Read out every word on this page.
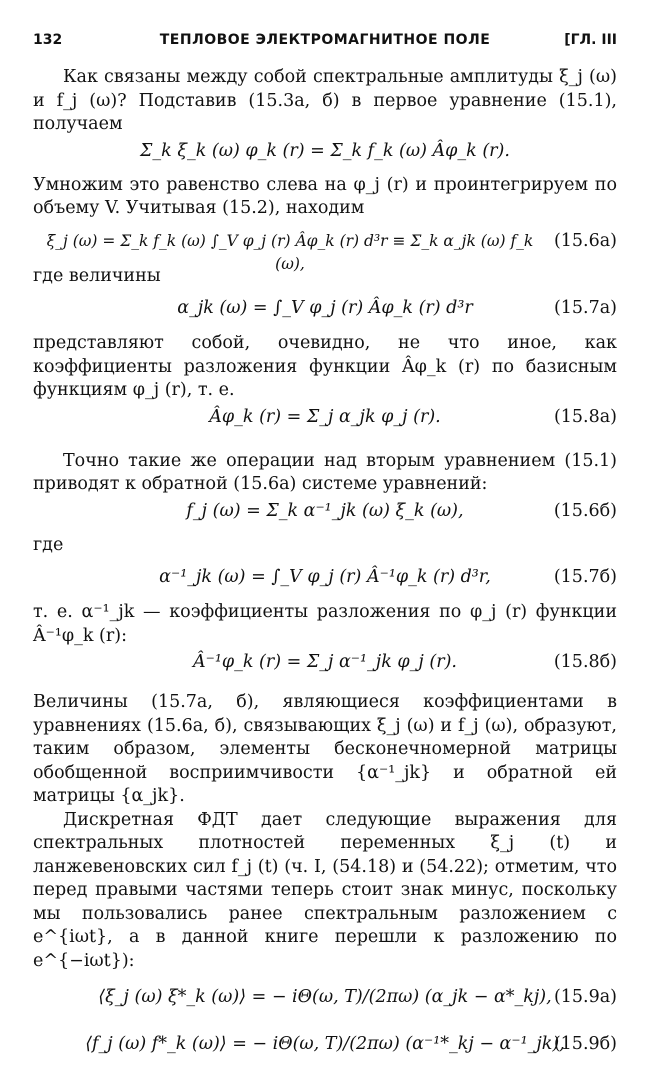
132	ТЕПЛОВОЕ ЭЛЕКТРОМАГНИТНОЕ ПОЛЕ	[ГЛ. III

Как связаны между собой спектральные амплитуды ξ_j (ω) и f_j (ω)? Подставив (15.3а, б) в первое уравнение (15.1), получаем

Σ_k ξ_k (ω) φ_k (r) = Σ_k f_k (ω) Âφ_k (r).

Умножим это равенство слева на φ_j (r) и проинтегрируем по объему V. Учитывая (15.2), находим

ξ_j (ω) = Σ_k f_k (ω) ∫_V φ_j (r) Âφ_k (r) d³r ≡ Σ_k α_jk (ω) f_k (ω),
(15.6а)

где величины

α_jk (ω) = ∫_V φ_j (r) Âφ_k (r) d³r	(15.7а)

представляют собой, очевидно, не что иное, как коэффициенты разложения функции Âφ_k (r) по базисным функциям φ_j (r), т. е.

Âφ_k (r) = Σ_j α_jk φ_j (r).	(15.8а)

Точно такие же операции над вторым уравнением (15.1) приводят к обратной (15.6а) системе уравнений:

f_j (ω) = Σ_k α⁻¹_jk (ω) ξ_k (ω),	(15.6б)

где

α⁻¹_jk (ω) = ∫_V φ_j (r) Â⁻¹φ_k (r) d³r,	(15.7б)

т. е. α⁻¹_jk — коэффициенты разложения по φ_j (r) функции Â⁻¹φ_k (r):

Â⁻¹φ_k (r) = Σ_j α⁻¹_jk φ_j (r).	(15.8б)

Величины (15.7а, б), являющиеся коэффициентами в уравнениях (15.6а, б), связывающих ξ_j (ω) и f_j (ω), образуют, таким образом, элементы бесконечномерной матрицы обобщенной восприимчивости {α⁻¹_jk} и обратной ей матрицы {α_jk}.

Дискретная ФДТ дает следующие выражения для спектральных плотностей переменных ξ_j (t) и ланжевеновских сил f_j (t) (ч. I, (54.18) и (54.22); отметим, что перед правыми частями теперь стоит знак минус, поскольку мы пользовались ранее спектральным разложением с e^{iωt}, а в данной книге перешли к разложению по e^{−iωt}):

⟨ξ_j (ω) ξ*_k (ω)⟩ = − iΘ(ω, T)/(2πω) (α_jk − α*_kj), (15.9а)
⟨f_j (ω) f*_k (ω)⟩ = − iΘ(ω, T)/(2πω) (α⁻¹*_kj − α⁻¹_jk),
(15.9б)
